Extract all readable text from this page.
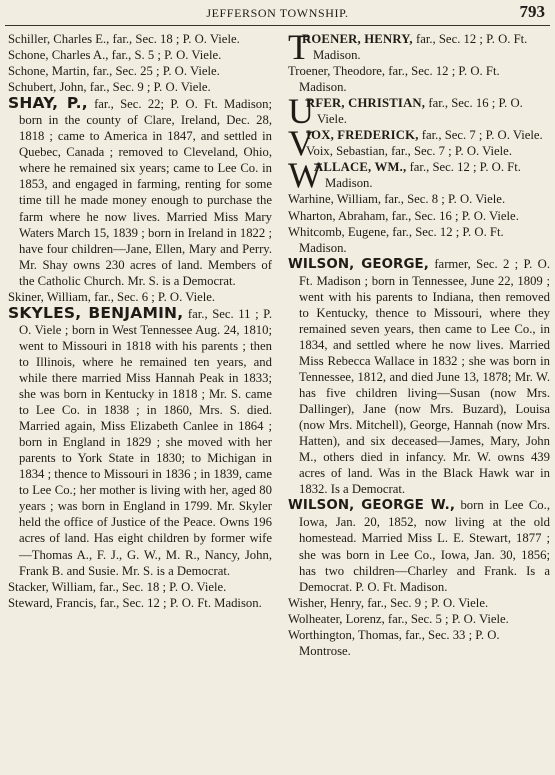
JEFFERSON TOWNSHIP.	793

Schiller, Charles E., far., Sec. 18 ; P. O. Viele.

Schone, Charles A., far., S. 5 ; P. O. Viele.

Schone, Martin, far., Sec. 25 ; P. O. Viele.

Schubert, John, far., Sec. 9 ; P. O. Viele.

SHAY, P., far., Sec. 22; P. O. Ft. Madison; born in the county of Clare, Ireland, Dec. 28, 1818 ; came to America in 1847, and settled in Quebec, Canada ; removed to Cleveland, Ohio, where he remained six years; came to Lee Co. in 1853, and engaged in farming, renting for some time till he made money enough to purchase the farm where he now lives. Married Miss Mary Waters March 15, 1839 ; born in Ireland in 1822 ; have four children—Jane, Ellen, Mary and Perry. Mr. Shay owns 230 acres of land. Members of the Catholic Church. Mr. S. is a Democrat.

Skiner, William, far., Sec. 6 ; P. O. Viele.

SKYLES, BENJAMIN, far., Sec. 11 ; P. O. Viele ; born in West Tennessee Aug. 24, 1810; went to Missouri in 1818 with his parents ; then to Illinois, where he remained ten years, and while there married Miss Hannah Peak in 1833; she was born in Kentucky in 1818 ; Mr. S. came to Lee Co. in 1838 ; in 1860, Mrs. S. died. Married again, Miss Elizabeth Canlee in 1864 ; born in England in 1829 ; she moved with her parents to York State in 1830; to Michigan in 1834 ; thence to Missouri in 1836 ; in 1839, came to Lee Co.; her mother is living with her, aged 80 years ; was born in England in 1799. Mr. Skyler held the office of Justice of the Peace. Owns 196 acres of land. Has eight children by former wife—Thomas A., F. J., G. W., M. R., Nancy, John, Frank B. and Susie. Mr. S. is a Democrat.

Stacker, William, far., Sec. 18 ; P. O. Viele.

Steward, Francis, far., Sec. 12 ; P. O. Ft. Madison.

T
ROENER, HENRY, far., Sec. 12 ; P. O. Ft. Madison.

Troener, Theodore, far., Sec. 12 ; P. O. Ft. Madison.

U
RFER, CHRISTIAN, far., Sec. 16 ; P. O. Viele.

V
IOX, FREDERICK, far., Sec. 7 ; P. O. Viele.

Voix, Sebastian, far., Sec. 7 ; P. O. Viele.

W
ALLACE, WM., far., Sec. 12 ; P. O. Ft. Madison.

Warhine, William, far., Sec. 8 ; P. O. Viele.

Wharton, Abraham, far., Sec. 16 ; P. O. Viele.

Whitcomb, Eugene, far., Sec. 12 ; P. O. Ft. Madison.

WILSON, GEORGE, farmer, Sec. 2 ; P. O. Ft. Madison ; born in Tennessee, June 22, 1809 ; went with his parents to Indiana, then removed to Kentucky, thence to Missouri, where they remained seven years, then came to Lee Co., in 1834, and settled where he now lives. Married Miss Rebecca Wallace in 1832 ; she was born in Tennessee, 1812, and died June 13, 1878; Mr. W. has five children living—Susan (now Mrs. Dallinger), Jane (now Mrs. Buzard), Louisa (now Mrs. Mitchell), George, Hannah (now Mrs. Hatten), and six deceased—James, Mary, John M., others died in infancy. Mr. W. owns 439 acres of land. Was in the Black Hawk war in 1832. Is a Democrat.

WILSON, GEORGE W., born in Lee Co., Iowa, Jan. 20, 1852, now living at the old homestead. Married Miss L. E. Stewart, 1877 ; she was born in Lee Co., Iowa, Jan. 30, 1856; has two children—Charley and Frank. Is a Democrat. P. O. Ft. Madison.

Wisher, Henry, far., Sec. 9 ; P. O. Viele.

Wolheater, Lorenz, far., Sec. 5 ; P. O. Viele.

Worthington, Thomas, far., Sec. 33 ; P. O. Montrose.
